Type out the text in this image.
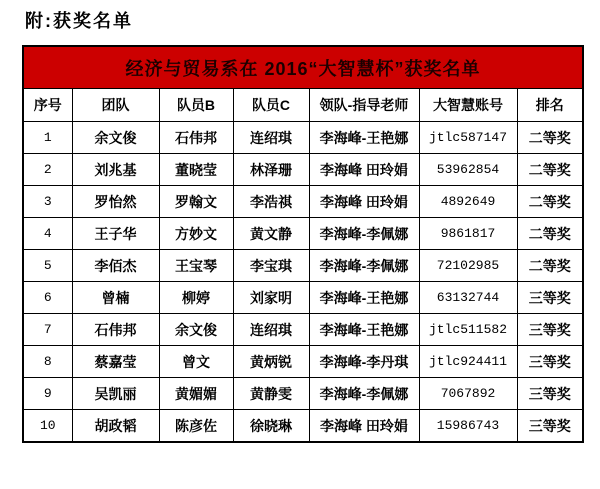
附:获奖名单
经济与贸易系在 2016“大智慧杯”获奖名单						
序号	团队	队员B	队员C	领队-指导老师	大智慧账号	排名
1	余文俊	石伟邦	连绍琪	李海峰-王艳娜	jtlc587147	二等奖
2	刘兆基	董晓莹	林泽珊	李海峰 田玲娟	53962854	二等奖
3	罗怡然	罗翰文	李浩祺	李海峰 田玲娟	4892649	二等奖
4	王子华	方妙文	黄文静	李海峰-李佩娜	9861817	二等奖
5	李佰杰	王宝琴	李宝琪	李海峰-李佩娜	72102985	二等奖
6	曾楠	柳婷	刘家明	李海峰-王艳娜	63132744	三等奖
7	石伟邦	余文俊	连绍琪	李海峰-王艳娜	jtlc511582	三等奖
8	蔡嘉莹	曾文	黄炳锐	李海峰-李丹琪	jtlc924411	三等奖
9	吴凯丽	黄媚媚	黄静雯	李海峰-李佩娜	7067892	三等奖
10	胡政韬	陈彦佐	徐晓琳	李海峰 田玲娟	15986743	三等奖
